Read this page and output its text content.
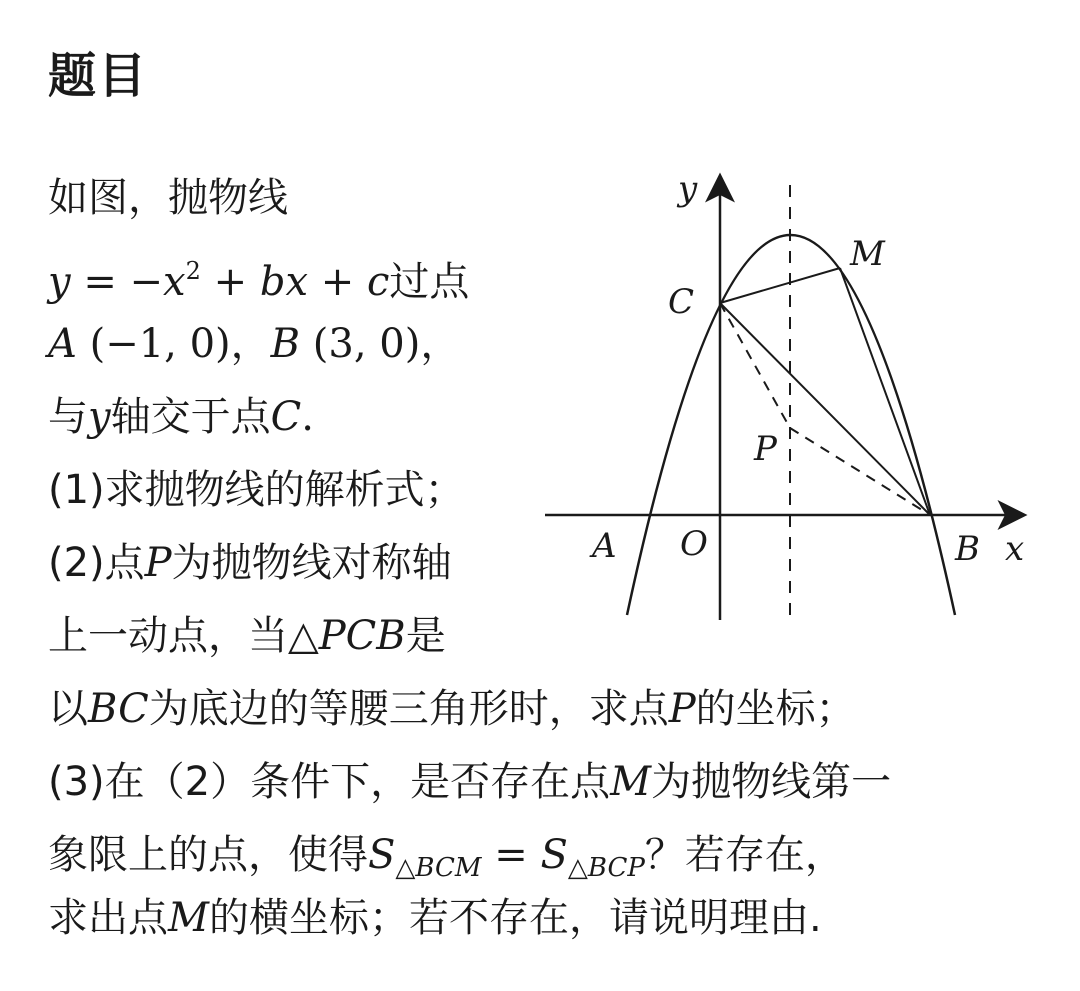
题目
如图，抛物线
$y = -x^2$ + bx + c过点
A (−1, 0)，B (3, 0)，
与y轴交于点C.
(1)求抛物线的解析式；
(2)点P为抛物线对称轴
上一动点，当△PCB是
以BC为底边的等腰三角形时，求点P的坐标；
(3)在（2）条件下，是否存在点M为抛物线第一
象限上的点，使得$S_{\triangle BCM} = S_{\triangle BCP}$？若存在，
求出点M的横坐标；若不存在，请说明理由.
y
x
O
A	B
C
M
P
